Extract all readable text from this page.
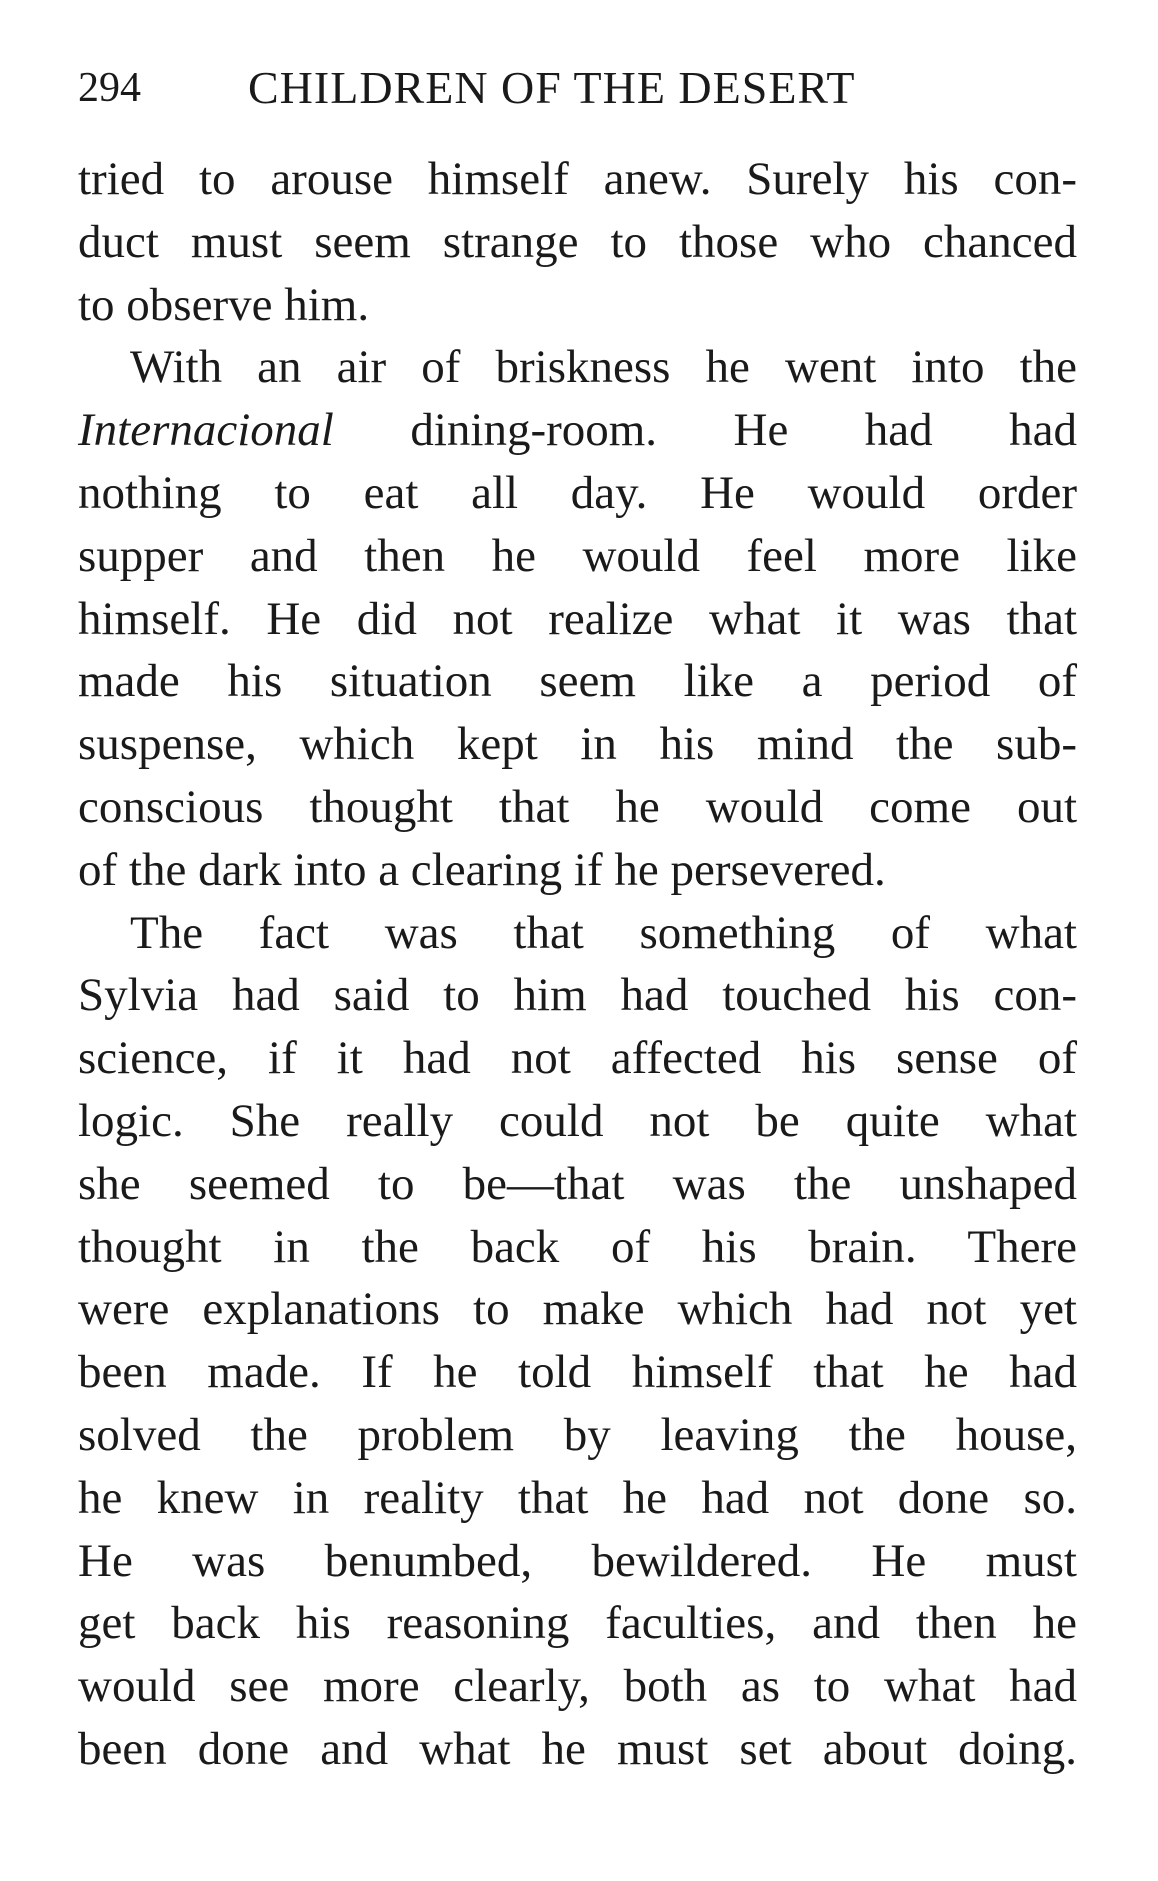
294 CHILDREN OF THE DESERT
tried to arouse himself anew. Surely his con-
duct must seem strange to those who chanced
to observe him.
With an air of briskness he went into the
Internacional dining-room. He had had
nothing to eat all day. He would order
supper and then he would feel more like
himself. He did not realize what it was that
made his situation seem like a period of
suspense, which kept in his mind the sub-
conscious thought that he would come out
of the dark into a clearing if he persevered.
The fact was that something of what
Sylvia had said to him had touched his con-
science, if it had not affected his sense of
logic. She really could not be quite what
she seemed to be—that was the unshaped
thought in the back of his brain. There
were explanations to make which had not yet
been made. If he told himself that he had
solved the problem by leaving the house,
he knew in reality that he had not done so.
He was benumbed, bewildered. He must
get back his reasoning faculties, and then he
would see more clearly, both as to what had
been done and what he must set about doing.
